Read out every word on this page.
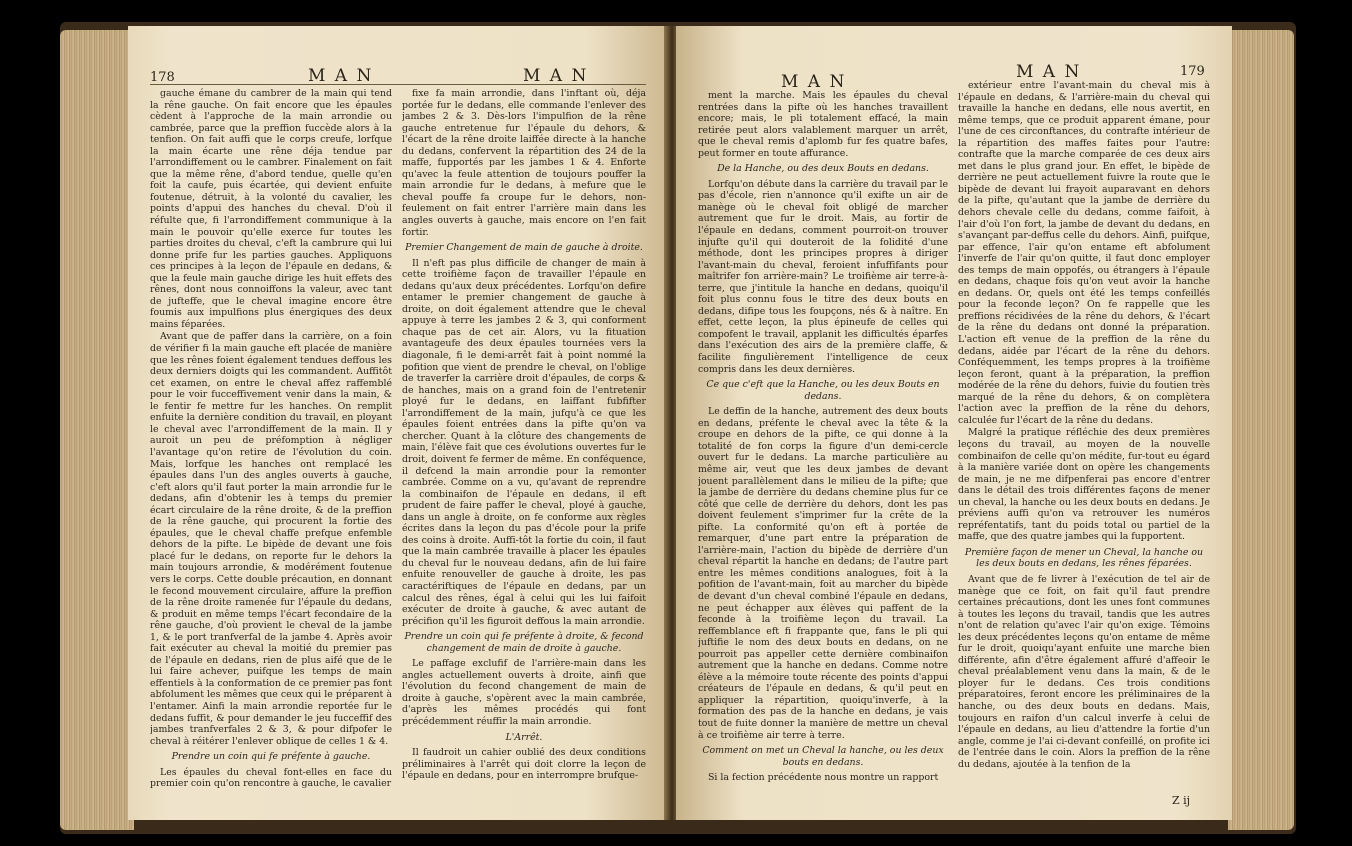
178	M A N	M A N

gauche émane du cambrer de la main qui tend la rêne gauche. On fait encore que les épaules cèdent à l'approche de la main arrondie ou cambrée, parce que la preffion fuccède alors à la tenfion. On fait auffi que le corps creufe, lorfque la main écarte une rêne déja tendue par l'arrondiffement ou le cambrer. Finalement on fait que la même rêne, d'abord tendue, quelle qu'en foit la caufe, puis écartée, qui devient enfuite foutenue, détruit, à la volonté du cavalier, les points d'appui des hanches du cheval. D'où il réfulte que, fi l'arrondiffement communique à la main le pouvoir qu'elle exerce fur toutes les parties droites du cheval, c'eft la cambrure qui lui donne prife fur les parties gauches. Appliquons ces principes à la leçon de l'épaule en dedans, & que la feule main gauche dirige les huit effets des rênes, dont nous connoiffons la valeur, avec tant de jufteffe, que le cheval imagine encore être foumis aux impulfions plus énergiques des deux mains féparées.

Avant que de paffer dans la carrière, on a foin de vérifier fi la main gauche eft placée de manière que les rênes foient également tendues deffous les deux derniers doigts qui les commandent. Auffitôt cet examen, on entre le cheval affez raffemblé pour le voir fucceffivement venir dans la main, & le fentir fe mettre fur les hanches. On remplit enfuite la dernière condition du travail, en ployant le cheval avec l'arrondiffement de la main. Il y auroit un peu de préfomption à négliger l'avantage qu'on retire de l'évolution du coin. Mais, lorfque les hanches ont remplacé les épaules dans l'un des angles ouverts à gauche, c'eft alors qu'il faut porter la main arrondie fur le dedans, afin d'obtenir les à temps du premier écart circulaire de la rêne droite, & de la preffion de la rêne gauche, qui procurent la fortie des épaules, que le cheval chaffe prefque enfemble dehors de la pifte. Le bipède de devant une fois placé fur le dedans, on reporte fur le dehors la main toujours arrondie, & modérément foutenue vers le corps. Cette double précaution, en donnant le fecond mouvement circulaire, affure la preffion de la rêne droite ramenée fur l'épaule du dedans, & produit en même temps l'écart fecondaire de la rêne gauche, d'où provient le cheval de la jambe 1, & le port tranfverfal de la jambe 4. Après avoir fait exécuter au cheval la moitié du premier pas de l'épaule en dedans, rien de plus aifé que de le lui faire achever, puifque les temps de main effentiels à la conformation de ce premier pas font abfolument les mêmes que ceux qui le préparent à l'entamer. Ainfi la main arrondie reportée fur le dedans fuffit, & pour demander le jeu fucceffif des jambes tranfverfales 2 & 3, & pour difpofer le cheval à réitérer l'enlever oblique de celles 1 & 4.

Prendre un coin qui fe préfente à gauche.

Les épaules du cheval font-elles en face du premier coin qu'on rencontre à gauche, le cavalier

fixe fa main arrondie, dans l'inftant où, déja portée fur le dedans, elle commande l'enlever des jambes 2 & 3. Dès-lors l'impulfion de la rêne gauche entretenue fur l'épaule du dehors, & l'écart de la rêne droite laiffée directe à la hanche du dedans, confervent la répartition des 24 de la maffe, fupportés par les jambes 1 & 4. Enforte qu'avec la feule attention de toujours pouffer la main arrondie fur le dedans, à mefure que le cheval pouffe fa croupe fur le dehors, non-feulement on fait entrer l'arrière main dans les angles ouverts à gauche, mais encore on l'en fait fortir.

Premier Changement de main de gauche à droite.

Il n'eft pas plus difficile de changer de main à cette troifième façon de travailler l'épaule en dedans qu'aux deux précédentes. Lorfqu'on defire entamer le premier changement de gauche à droite, on doit également attendre que le cheval appuye à terre les jambes 2 & 3, qui conforment chaque pas de cet air. Alors, vu la fituation avantageufe des deux épaules tournées vers la diagonale, fi le demi-arrêt fait à point nommé la pofition que vient de prendre le cheval, on l'oblige de traverfer la carrière droit d'épaules, de corps & de hanches, mais on a grand foin de l'entretenir ployé fur le dedans, en laiffant fubfifter l'arrondiffement de la main, jufqu'à ce que les épaules foient entrées dans la pifte qu'on va chercher. Quant à la clôture des changements de main, l'élève fait que ces évolutions ouvertes fur le droit, doivent fe fermer de même. En conféquence, il defcend la main arrondie pour la remonter cambrée. Comme on a vu, qu'avant de reprendre la combinaifon de l'épaule en dedans, il eft prudent de faire paffer le cheval, ployé à gauche, dans un angle à droite, on fe conforme aux règles écrites dans la leçon du pas d'école pour la prife des coins à droite. Auffi-tôt la fortie du coin, il faut que la main cambrée travaille à placer les épaules du cheval fur le nouveau dedans, afin de lui faire enfuite renouveller de gauche à droite, les pas caractériftiques de l'épaule en dedans, par un calcul des rênes, égal à celui qui les lui faifoit exécuter de droite à gauche, & avec autant de précifion qu'il les figuroit deffous la main arrondie.

Prendre un coin qui fe préfente à droite, & fecond changement de main de droite à gauche.

Le paffage exclufif de l'arrière-main dans les angles actuellement ouverts à droite, ainfi que l'évolution du fecond changement de main de droite à gauche, s'opèrent avec la main cambrée, d'après les mêmes procédés qui font précédemment réuffir la main arrondie.

L'Arrêt.

Il faudroit un cahier oublié des deux conditions préliminaires à l'arrêt qui doit clorre la leçon de l'épaule en dedans, pour en interrompre brufque-

M A N	M A N	179

ment la marche. Mais les épaules du cheval rentrées dans la pifte où les hanches travaillent encore; mais, le pli totalement effacé, la main retirée peut alors valablement marquer un arrêt, que le cheval remis d'aplomb fur fes quatre bafes, peut former en toute affurance.

De la Hanche, ou des deux Bouts en dedans.

Lorfqu'on débute dans la carrière du travail par le pas d'école, rien n'annonce qu'il exifte un air de manège où le cheval foit obligé de marcher autrement que fur le droit. Mais, au fortir de l'épaule en dedans, comment pourroit-on trouver injufte qu'il qui douteroit de la folidité d'une méthode, dont les principes propres à diriger l'avant-main du cheval, feroient infuffifants pour maîtrifer fon arrière-main? Le troifième air terre-à-terre, que j'intitule la hanche en dedans, quoiqu'il foit plus connu fous le titre des deux bouts en dedans, difipe tous les foupçons, nés & à naître. En effet, cette leçon, la plus épineufe de celles qui compofent le travail, applanit les difficultés éparfes dans l'exécution des airs de la première claffe, & facilite fingulièrement l'intelligence de ceux compris dans les deux dernières.

Ce que c'eft que la Hanche, ou les deux Bouts en dedans.

Le deffin de la hanche, autrement des deux bouts en dedans, préfente le cheval avec la tête & la croupe en dehors de la pifte, ce qui donne à la totalité de fon corps la figure d'un demi-cercle ouvert fur le dedans. La marche particulière au même air, veut que les deux jambes de devant jouent parallèlement dans le milieu de la pifte; que la jambe de derrière du dedans chemine plus fur ce côté que celle de derrière du dehors, dont les pas doivent feulement s'imprimer fur la crête de la pifte. La conformité qu'on eft à portée de remarquer, d'une part entre la préparation de l'arrière-main, l'action du bipède de derrière d'un cheval répartit la hanche en dedans; de l'autre part entre les mêmes conditions analogues, foit à la pofition de l'avant-main, foit au marcher du bipède de devant d'un cheval combiné l'épaule en dedans, ne peut échapper aux élèves qui paffent de la feconde à la troifième leçon du travail. La reffemblance eft fi frappante que, fans le pli qui juftifie le nom des deux bouts en dedans, on ne pourroit pas appeller cette dernière combinaifon autrement que la hanche en dedans. Comme notre élève a la mémoire toute récente des points d'appui créateurs de l'épaule en dedans, & qu'il peut en appliquer la répartition, quoiqu'inverfe, à la formation des pas de la hanche en dedans, je vais tout de fuite donner la manière de mettre un cheval à ce troifième air terre à terre.

Comment on met un Cheval la hanche, ou les deux bouts en dedans.

Si la fection précédente nous montre un rapport

extérieur entre l'avant-main du cheval mis à l'épaule en dedans, & l'arrière-main du cheval qui travaille la hanche en dedans, elle nous avertit, en même temps, que ce produit apparent émane, pour l'une de ces circonftances, du contrafte intérieur de la répartition des maffes faites pour l'autre: contrafte que la marche comparée de ces deux airs met dans le plus grand jour. En effet, le bipède de derrière ne peut actuellement fuivre la route que le bipède de devant lui frayoit auparavant en dehors de la pifte, qu'autant que la jambe de derrière du dehors chevale celle du dedans, comme faifoit, à l'air d'où l'on fort, la jambe de devant du dedans, en s'avançant par-deffus celle du dehors. Ainfi, puifque, par effence, l'air qu'on entame eft abfolument l'inverfe de l'air qu'on quitte, il faut donc employer des temps de main oppofés, ou étrangers à l'épaule en dedans, chaque fois qu'on veut avoir la hanche en dedans. Or, quels ont été les temps confeillés pour la feconde leçon? On fe rappelle que les preffions récidivées de la rêne du dehors, & l'écart de la rêne du dedans ont donné la préparation. L'action eft venue de la preffion de la rêne du dedans, aidée par l'écart de la rêne du dehors. Conféquemment, les temps propres à la troifième leçon feront, quant à la préparation, la preffion modérée de la rêne du dehors, fuivie du foutien très marqué de la rêne du dehors, & on complètera l'action avec la preffion de la rêne du dehors, calculée fur l'écart de la rêne du dedans.

Malgré la pratique réfléchie des deux premières leçons du travail, au moyen de la nouvelle combinaifon de celle qu'on médite, fur-tout eu égard à la manière variée dont on opère les changements de main, je ne me difpenferai pas encore d'entrer dans le détail des trois différentes façons de mener un cheval, la hanche ou les deux bouts en dedans. Je préviens auffi qu'on va retrouver les numéros repréfentatifs, tant du poids total ou partiel de la maffe, que des quatre jambes qui la fupportent.

Première façon de mener un Cheval, la hanche ou les deux bouts en dedans, les rênes féparées.

Avant que de fe livrer à l'exécution de tel air de manège que ce foit, on fait qu'il faut prendre certaines précautions, dont les unes font communes à toutes les leçons du travail, tandis que les autres n'ont de relation qu'avec l'air qu'on exige. Témoins les deux précédentes leçons qu'on entame de même fur le droit, quoiqu'ayant enfuite une marche bien différente, afin d'être également affuré d'affeoir le cheval préalablement venu dans la main, & de le ployer fur le dedans. Ces trois conditions préparatoires, feront encore les préliminaires de la hanche, ou des deux bouts en dedans. Mais, toujours en raifon d'un calcul inverfe à celui de l'épaule en dedans, au lieu d'attendre la fortie d'un angle, comme je l'ai ci-devant confeillé, on profite ici de l'entrée dans le coin. Alors la preffion de la rêne du dedans, ajoutée à la tenfion de la

Z ij
